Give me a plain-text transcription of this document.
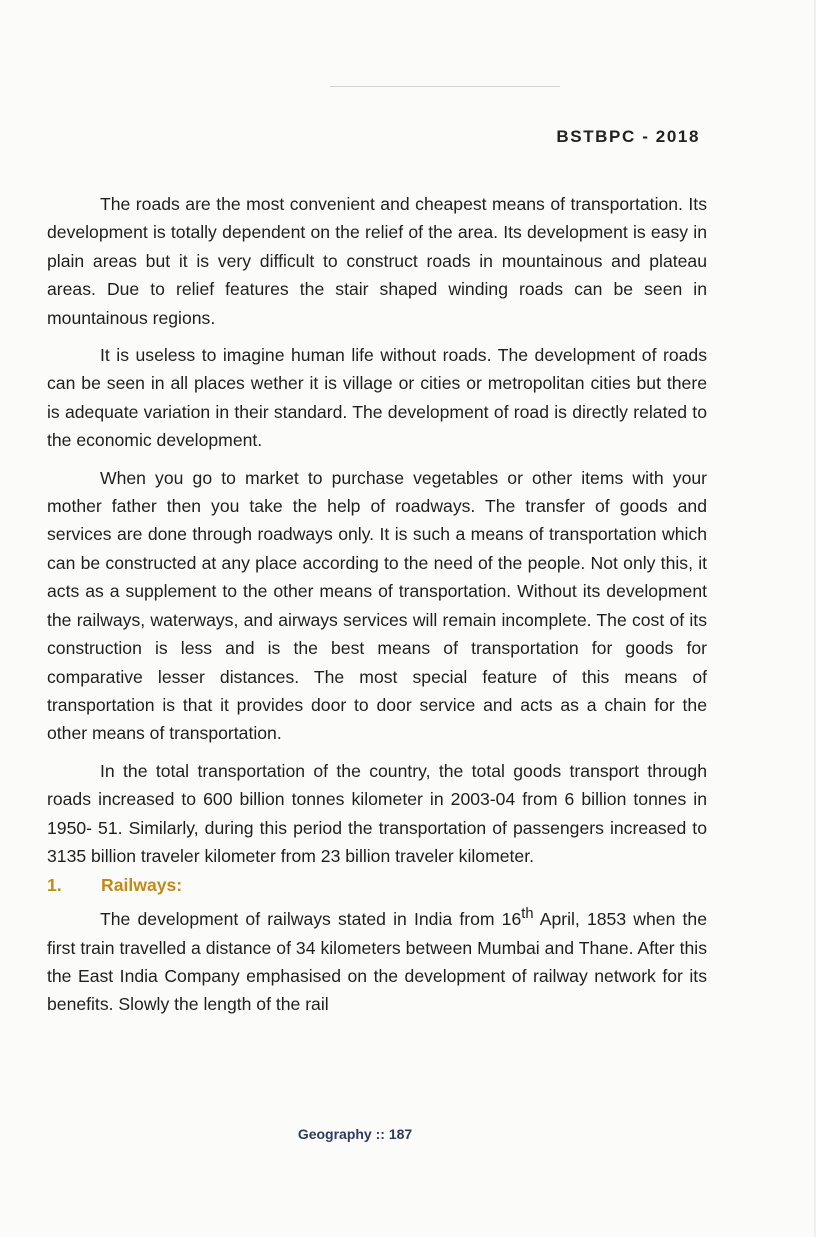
BSTBPC - 2018

The roads are the most convenient and cheapest means of transportation. Its development is totally dependent on the relief of the area. Its development is easy in plain areas but it is very difficult to construct roads in mountainous and plateau areas. Due to relief features the stair shaped winding roads can be seen in mountainous regions.

It is useless to imagine human life without roads. The development of roads can be seen in all places wether it is village or cities or metropolitan cities but there is adequate variation in their standard. The development of road is directly related to the economic development.

When you go to market to purchase vegetables or other items with your mother father then you take the help of roadways. The transfer of goods and services are done through roadways only. It is such a means of transportation which can be constructed at any place according to the need of the people. Not only this, it acts as a supplement to the other means of transportation. Without its development the railways, waterways, and airways services will remain incomplete. The cost of its construction is less and is the best means of transportation for goods for comparative lesser distances. The most special feature of this means of transportation is that it provides door to door service and acts as a chain for the other means of transportation.

In the total transportation of the country, the total goods transport through roads increased to 600 billion tonnes kilometer in 2003-04 from 6 billion tonnes in 1950- 51. Similarly, during this period the transportation of passengers increased to 3135 billion traveler kilometer from 23 billion traveler kilometer.

1. Railways:

The development of railways stated in India from 16th April, 1853 when the first train travelled a distance of 34 kilometers between Mumbai and Thane. After this the East India Company emphasised on the development of railway network for its benefits. Slowly the length of the rail

Geography :: 187
